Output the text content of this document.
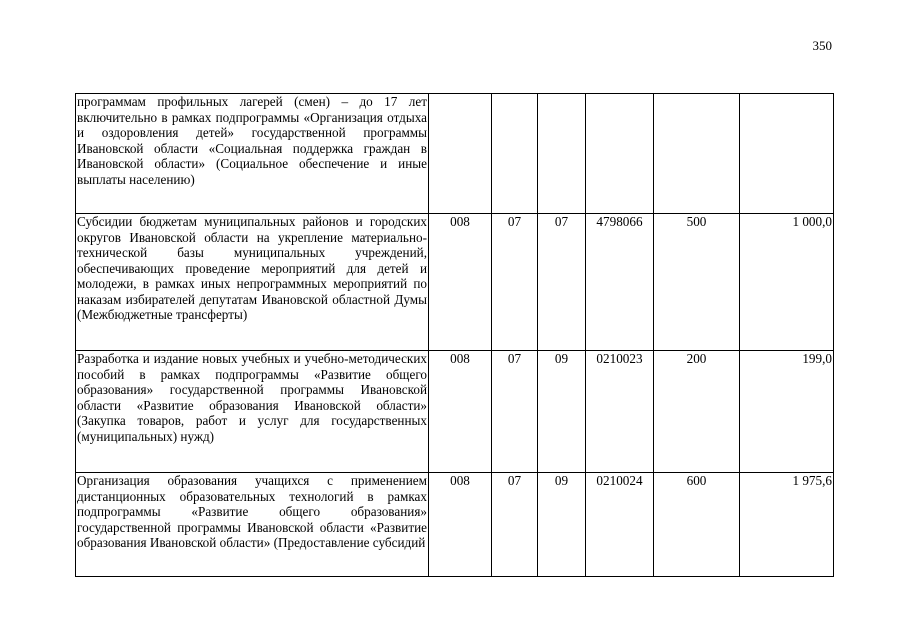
350
программам профильных лагерей (смен) – до 17 лет включительно в рамках подпрограммы «Организация отдыха и оздоровления детей» государственной программы Ивановской области «Социальная поддержка граждан в Ивановской области» (Социальное обеспечение и иные выплаты населению)						
Субсидии бюджетам муниципальных районов и городских округов Ивановской области на укрепление материально-технической базы муниципальных учреждений, обеспечивающих проведение мероприятий для детей и молодежи, в рамках иных непрограммных мероприятий по наказам избирателей депутатам Ивановской областной Думы (Межбюджетные трансферты)	008	07	07	4798066	500	1 000,0
Разработка и издание новых учебных и учебно-методических пособий в рамках подпрограммы «Развитие общего образования» государственной программы Ивановской области «Развитие образования Ивановской области» (Закупка товаров, работ и услуг для государственных (муниципальных) нужд)	008	07	09	0210023	200	199,0
Организация образования учащихся с применением дистанционных образовательных технологий в рамках подпрограммы «Развитие общего образования» государственной программы Ивановской области «Развитие образования Ивановской области» (Предоставление субсидий	008	07	09	0210024	600	1 975,6
